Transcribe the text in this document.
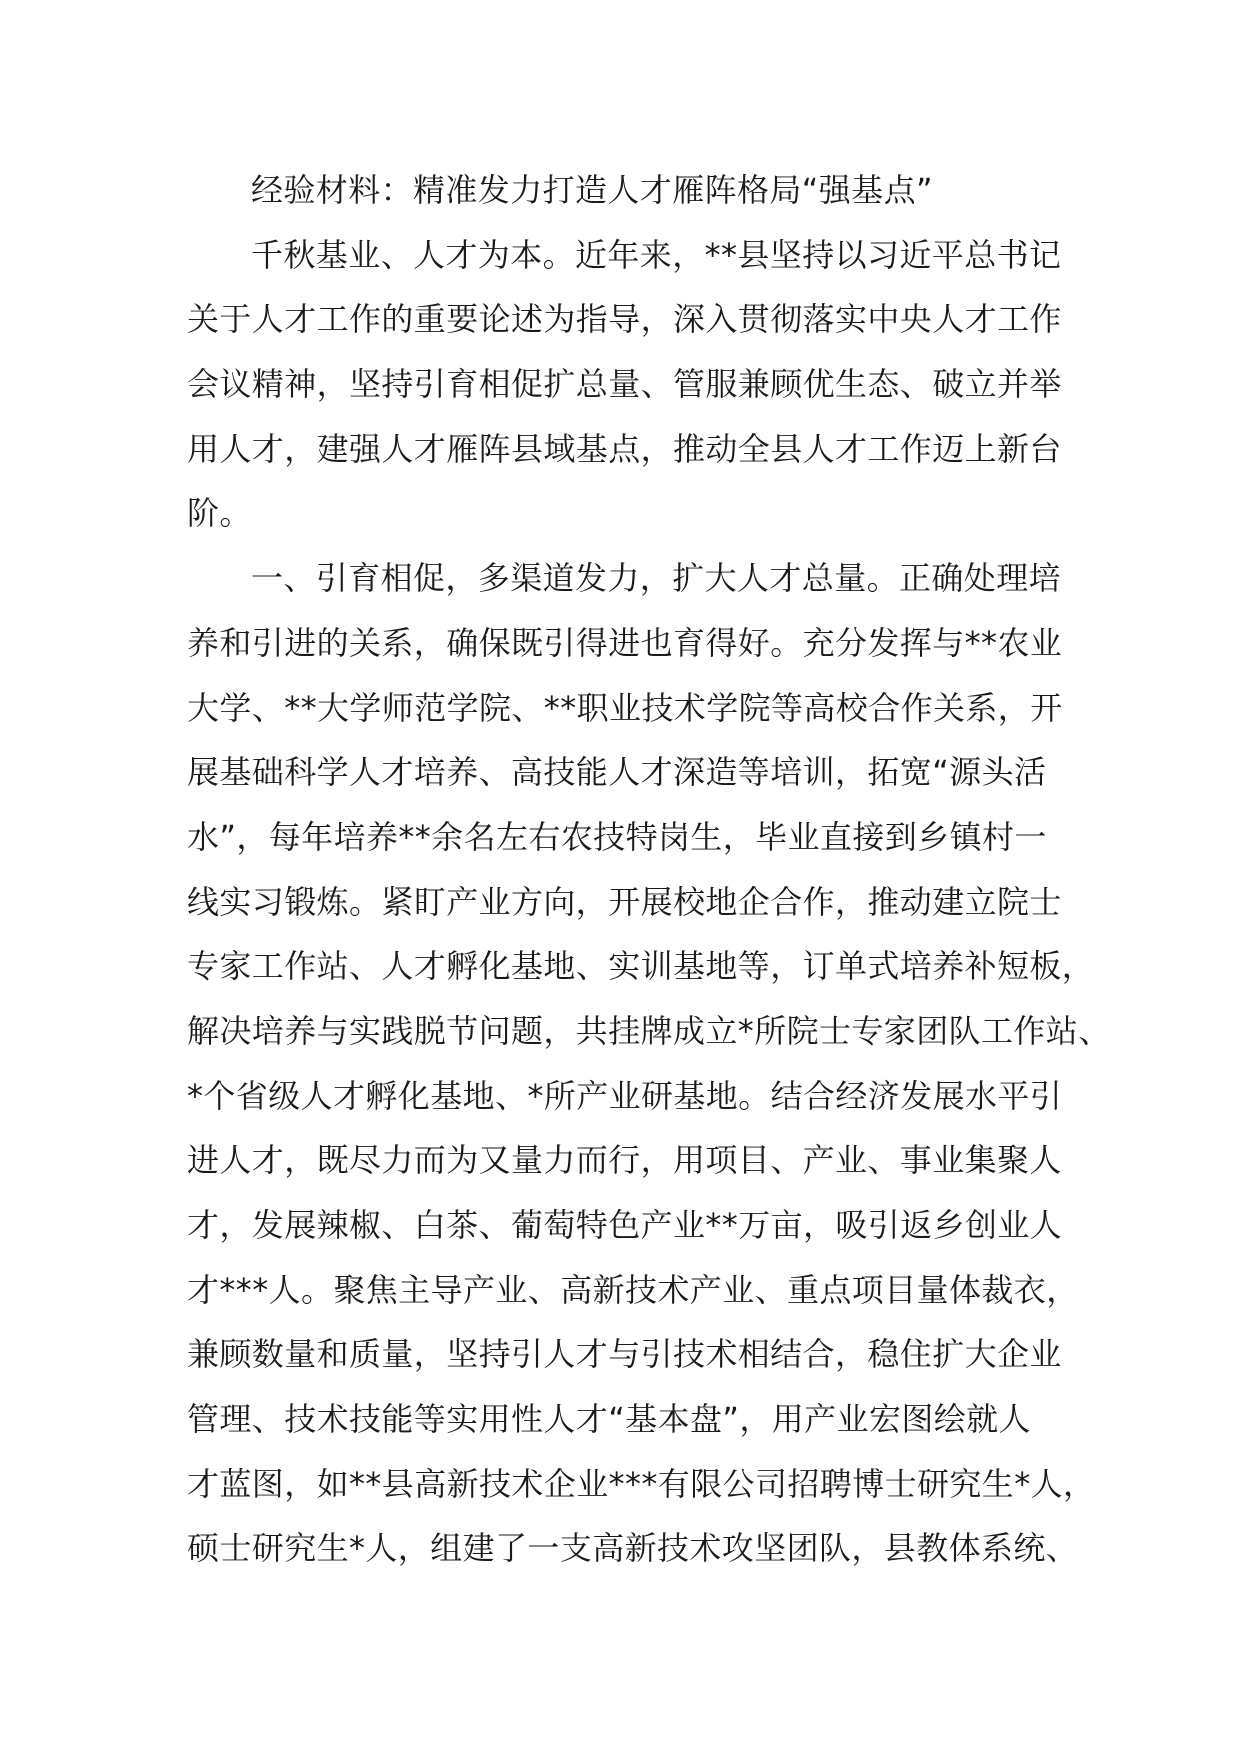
经验材料：精准发力打造人才雁阵格局“强基点”
千秋基业、人才为本。近年来，**县坚持以习近平总书记
关于人才工作的重要论述为指导，深入贯彻落实中央人才工作
会议精神，坚持引育相促扩总量、管服兼顾优生态、破立并举
用人才，建强人才雁阵县域基点，推动全县人才工作迈上新台
阶。
一、引育相促，多渠道发力，扩大人才总量。正确处理培
养和引进的关系，确保既引得进也育得好。充分发挥与**农业
大学、**大学师范学院、**职业技术学院等高校合作关系，开
展基础科学人才培养、高技能人才深造等培训，拓宽“源头活
水”，每年培养**余名左右农技特岗生，毕业直接到乡镇村一
线实习锻炼。紧盯产业方向，开展校地企合作，推动建立院士
专家工作站、人才孵化基地、实训基地等，订单式培养补短板，
解决培养与实践脱节问题，共挂牌成立*所院士专家团队工作站、
*个省级人才孵化基地、*所产业研基地。结合经济发展水平引
进人才，既尽力而为又量力而行，用项目、产业、事业集聚人
才，发展辣椒、白茶、葡萄特色产业**万亩，吸引返乡创业人
才***人。聚焦主导产业、高新技术产业、重点项目量体裁衣，
兼顾数量和质量，坚持引人才与引技术相结合，稳住扩大企业
管理、技术技能等实用性人才“基本盘”，用产业宏图绘就人
才蓝图，如**县高新技术企业***有限公司招聘博士研究生*人，
硕士研究生*人，组建了一支高新技术攻坚团队，县教体系统、
